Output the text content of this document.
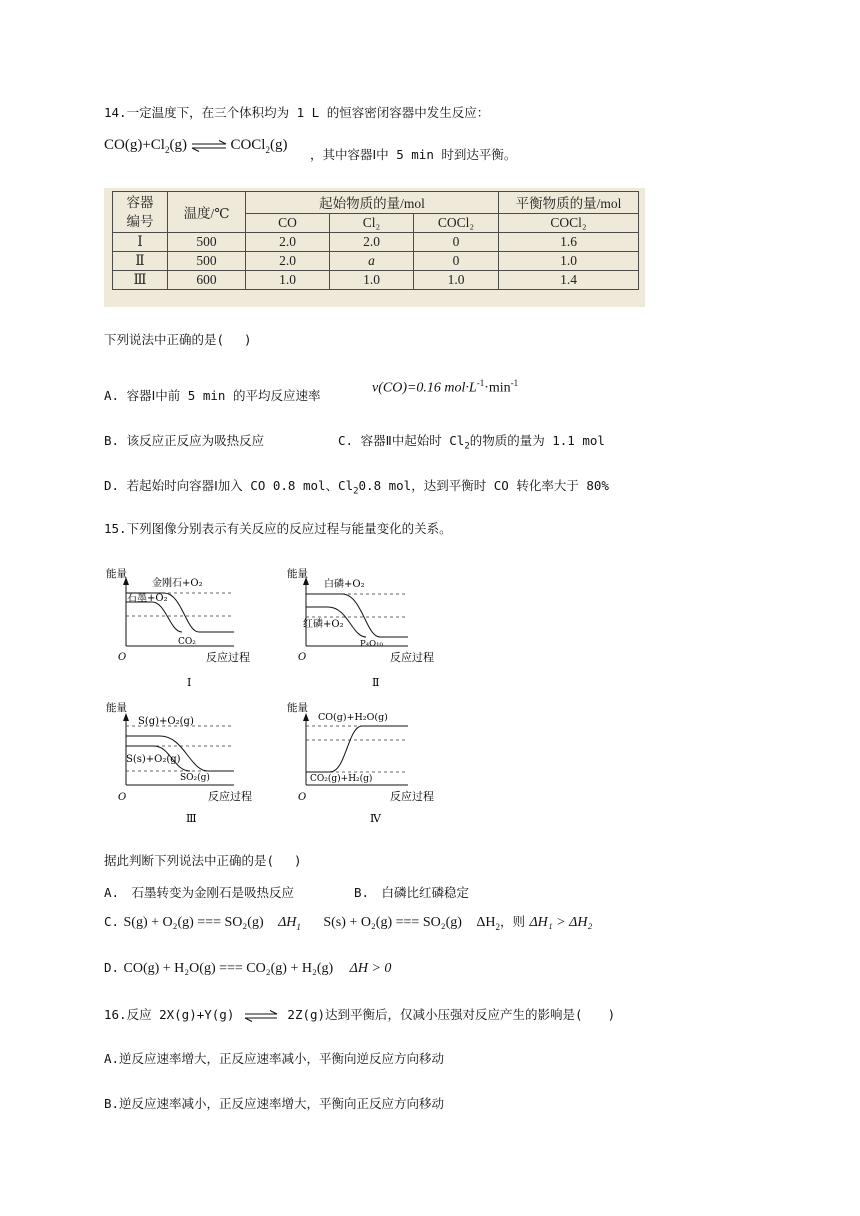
14.一定温度下，在三个体积均为 1 L 的恒容密闭容器中发生反应：
$CO(g)+Cl_2(g)$ ⇌ COCl$_2$(g)
，其中容器Ⅰ中 5 min 时到达平衡。
容器
编号	温度/℃	起始物质的量/mol			平衡物质的量/mol
		CO	Cl₂	COCl₂	COCl₂
Ⅰ	500	2.0	2.0	0	1.6
Ⅱ	500	2.0	a	0	1.0
Ⅲ	600	1.0	1.0	1.0	1.4
下列说法中正确的是(　 )
A. 容器Ⅰ中前 5 min 的平均反应速率	v(CO)=0.16 $mol\cdot L^{-1}\cdot\min^{-1}$
B. 该反应正反应为吸热反应	C. 容器Ⅱ中起始时 $Cl_2$的物质的量为 1.1 mol
D. 若起始时向容器Ⅰ加入 CO 0.8 mol、$Cl_20.8$ mol，达到平衡时 CO 转化率大于 80%
15.下列图像分别表示有关反应的反应过程与能量变化的关系。
能量
金刚石+O₂
石墨+O₂
CO₂
O	反应过程
Ⅰ
能量
白磷+O₂
红磷+O₂
P₄O₁₀
O	反应过程
Ⅱ
能量
S(g)+O₂(g)
S(s)+O₂(g)
SO₂(g)
O	反应过程
Ⅲ
能量
CO(g)+H₂O(g)
CO₂(g)+H₂(g)
O	反应过程
Ⅳ
据此判断下列说法中正确的是(　 )
A.　石墨转变为金刚石是吸热反应	B.　白磷比红磷稳定
C. S(g) + O₂(g) === SO₂(g) $\Delta H_1$ S(s) + O₂(g) === SO₂(g) $\Delta H_2$，则 ΔH₁ > ΔH₂
D. CO(g) + H₂O(g) === CO₂(g) + H₂(g) ΔH > 0
16.反应 2X(g)+Y(g) ⇌ 2Z(g)达到平衡后，仅减小压强对反应产生的影响是(　　)
A.逆反应速率增大，正反应速率减小，平衡向逆反应方向移动
B.逆反应速率减小，正反应速率增大，平衡向正反应方向移动
